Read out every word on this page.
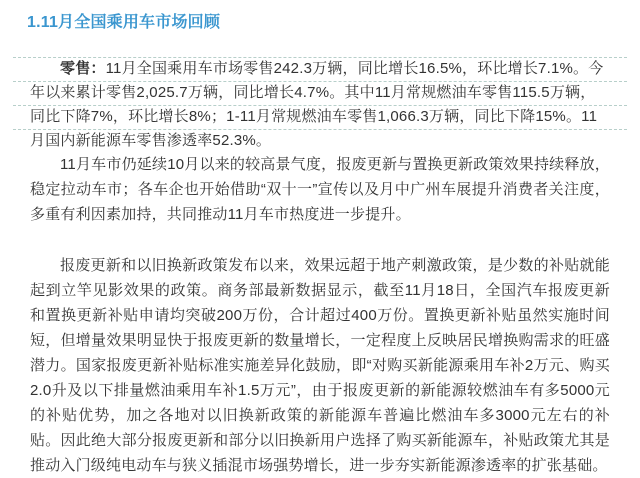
1.11月全国乘用车市场回顾

零售：11月全国乘用车市场零售242.3万辆，同比增长16.5%，环比增长7.1%。今年以来累计零售2,025.7万辆，同比增长4.7%。其中11月常规燃油车零售115.5万辆，同比下降7%，环比增长8%；1-11月常规燃油车零售1,066.3万辆，同比下降15%。11月国内新能源车零售渗透率52.3%。

11月车市仍延续10月以来的较高景气度，报废更新与置换更新政策效果持续释放，稳定拉动车市；各车企也开始借助“双十一”宣传以及月中广州车展提升消费者关注度，多重有利因素加持，共同推动11月车市热度进一步提升。

报废更新和以旧换新政策发布以来，效果远超于地产刺激政策，是少数的补贴就能起到立竿见影效果的政策。商务部最新数据显示，截至11月18日，全国汽车报废更新和置换更新补贴申请均突破200万份，合计超过400万份。置换更新补贴虽然实施时间短，但增量效果明显快于报废更新的数量增长，一定程度上反映居民增换购需求的旺盛潜力。国家报废更新补贴标准实施差异化鼓励，即“对购买新能源乘用车补2万元、购买2.0升及以下排量燃油乘用车补1.5万元”，由于报废更新的新能源较燃油车有多5000元的补贴优势，加之各地对以旧换新政策的新能源车普遍比燃油车多3000元左右的补贴。因此绝大部分报废更新和部分以旧换新用户选择了购买新能源车，补贴政策尤其是推动入门级纯电动车与狭义插混市场强势增长，进一步夯实新能源渗透率的扩张基础。
